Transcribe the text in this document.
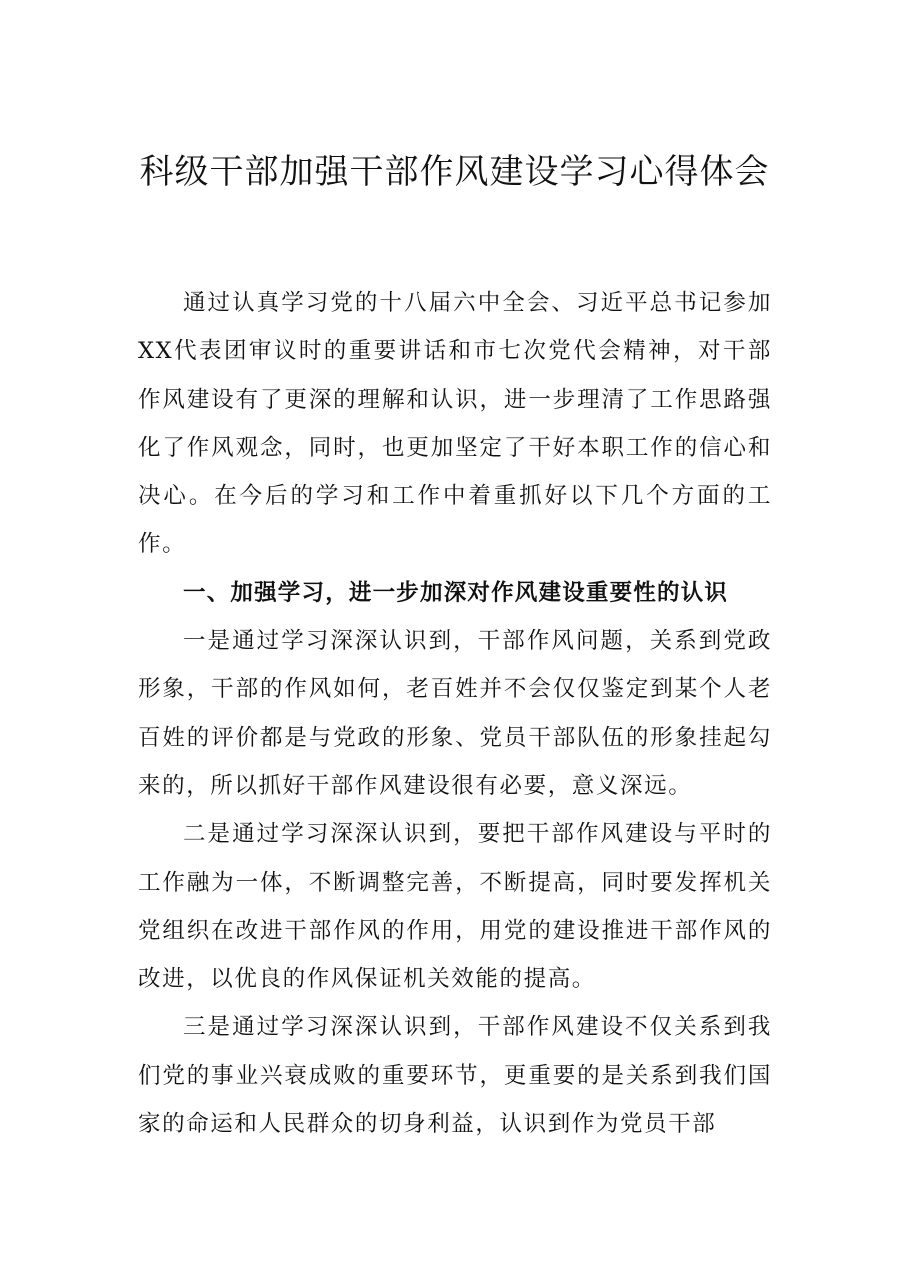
科级干部加强干部作风建设学习心得体会

通过认真学习党的十八届六中全会、习近平总书记参加XX代表团审议时的重要讲话和市七次党代会精神，对干部作风建设有了更深的理解和认识，进一步理清了工作思路强化了作风观念，同时，也更加坚定了干好本职工作的信心和决心。在今后的学习和工作中着重抓好以下几个方面的工作。

一、加强学习，进一步加深对作风建设重要性的认识

一是通过学习深深认识到，干部作风问题，关系到党政形象，干部的作风如何，老百姓并不会仅仅鉴定到某个人老百姓的评价都是与党政的形象、党员干部队伍的形象挂起勾来的，所以抓好干部作风建设很有必要，意义深远。

二是通过学习深深认识到，要把干部作风建设与平时的工作融为一体，不断调整完善，不断提高，同时要发挥机关党组织在改进干部作风的作用，用党的建设推进干部作风的改进，以优良的作风保证机关效能的提高。

三是通过学习深深认识到，干部作风建设不仅关系到我们党的事业兴衰成败的重要环节，更重要的是关系到我们国家的命运和人民群众的切身利益，认识到作为党员干部
